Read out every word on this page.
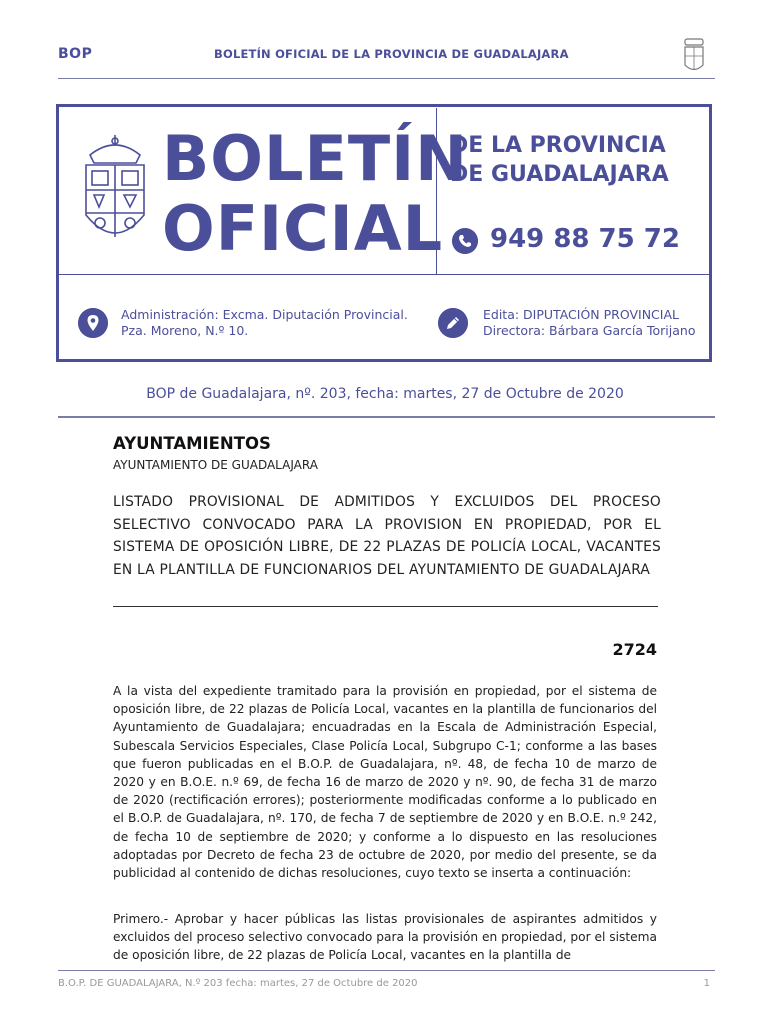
BOP	BOLETÍN OFICIAL DE LA PROVINCIA DE GUADALAJARA
BOLETÍN
OFICIAL
DE LA PROVINCIA
DE GUADALAJARA
949 88 75 72
Administración: Excma. Diputación Provincial.
Pza. Moreno, N.º 10.
Edita: DIPUTACIÓN PROVINCIAL
Directora: Bárbara García Torijano
BOP de Guadalajara, nº. 203, fecha: martes, 27 de Octubre de 2020
AYUNTAMIENTOS
AYUNTAMIENTO DE GUADALAJARA
LISTADO PROVISIONAL DE ADMITIDOS Y EXCLUIDOS DEL PROCESO SELECTIVO CONVOCADO PARA LA PROVISION EN PROPIEDAD, POR EL SISTEMA DE OPOSICIÓN LIBRE, DE 22 PLAZAS DE POLICÍA LOCAL, VACANTES EN LA PLANTILLA DE FUNCIONARIOS DEL AYUNTAMIENTO DE GUADALAJARA
2724
A la vista del expediente tramitado para la provisión en propiedad, por el sistema de oposición libre, de 22 plazas de Policía Local, vacantes en la plantilla de funcionarios del Ayuntamiento de Guadalajara; encuadradas en la Escala de Administración Especial, Subescala Servicios Especiales, Clase Policía Local, Subgrupo C-1; conforme a las bases que fueron publicadas en el B.O.P. de Guadalajara, nº. 48, de fecha 10 de marzo de 2020 y en B.O.E. n.º 69, de fecha 16 de marzo de 2020 y nº. 90, de fecha 31 de marzo de 2020 (rectificación errores); posteriormente modificadas conforme a lo publicado en el B.O.P. de Guadalajara, nº. 170, de fecha 7 de septiembre de 2020 y en B.O.E. n.º 242, de fecha 10 de septiembre de 2020; y conforme a lo dispuesto en las resoluciones adoptadas por Decreto de fecha 23 de octubre de 2020, por medio del presente, se da publicidad al contenido de dichas resoluciones, cuyo texto se inserta a continuación:
Primero.- Aprobar y hacer públicas las listas provisionales de aspirantes admitidos y excluidos del proceso selectivo convocado para la provisión en propiedad, por el sistema de oposición libre, de 22 plazas de Policía Local, vacantes en la plantilla de
B.O.P. DE GUADALAJARA, N.º 203 fecha: martes, 27 de Octubre de 2020	1
